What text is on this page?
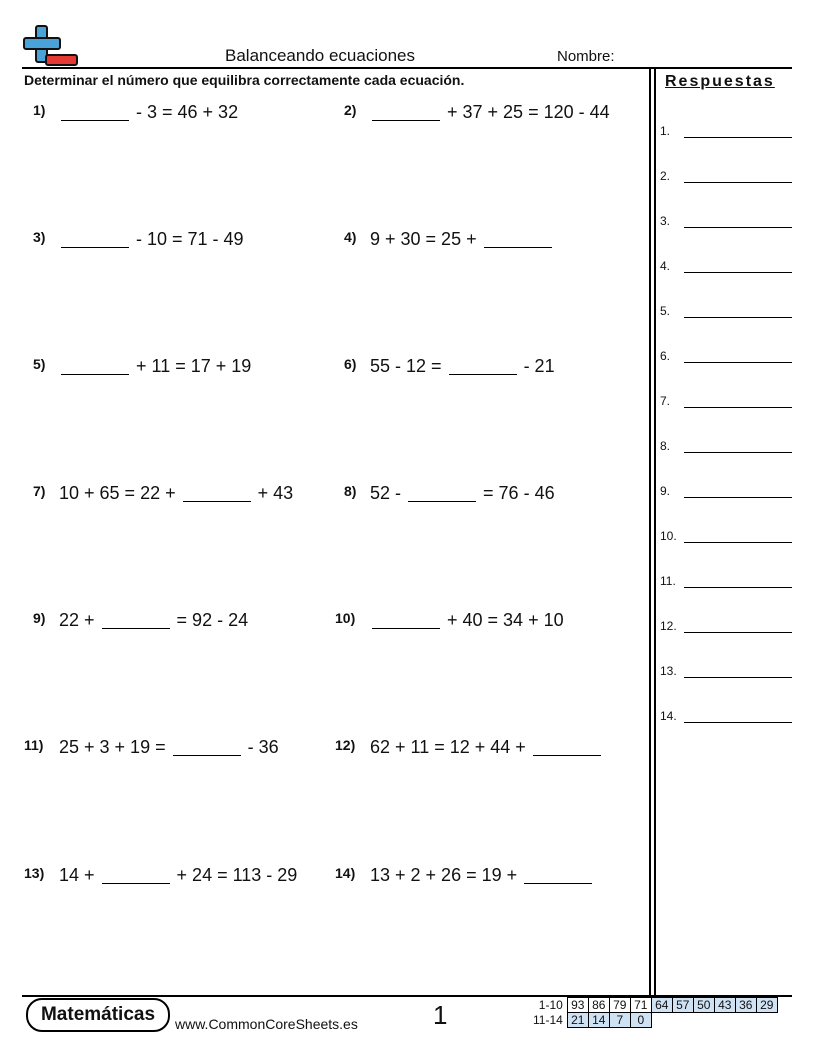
Balanceando ecuaciones	Nombre:
Determinar el número que equilibra correctamente cada ecuación.	Respuestas
1)	- 3 = 46 + 32	2)	+ 37 + 25 = 120 - 44
3)	- 10 = 71 - 49	4) 9 + 30 = 25 +
5)	+ 11 = 17 + 19	6) 55 - 12 =	- 21
7) 10 + 65 = 22 +	+ 43	8) 52 -	= 76 - 46
9) 22 +	= 92 - 24	10)	+ 40 = 34 + 10
11) 25 + 3 + 19 =	- 36	12) 62 + 11 = 12 + 44 +
13) 14 +	+ 24 = 113 - 29	14) 13 + 2 + 26 = 19 +
1.
2.
3.
4.
5.
6.
7.
8.
9.
10.
11.
12.
13.
14.
Matemáticas	www.CommonCoreSheets.es	1	1-10	93	86	79	71	64	57	50	43	36	29
11-14	21	14	7	0						
